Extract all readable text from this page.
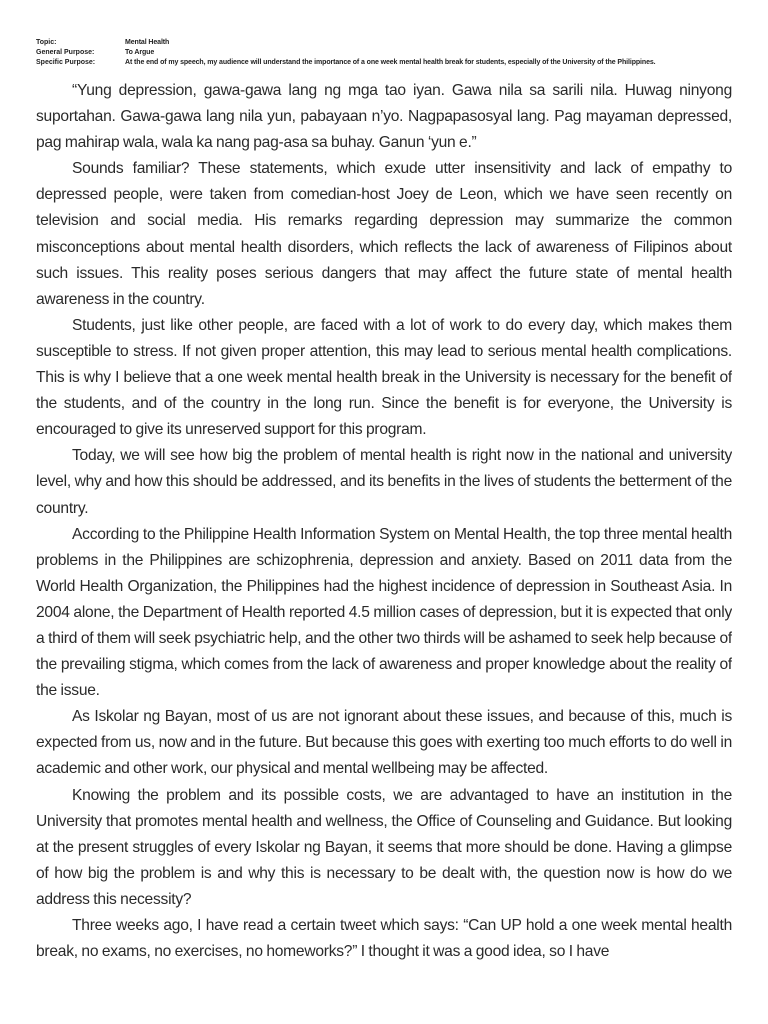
Topic:	Mental Health
General Purpose:	To Argue
Specific Purpose:	At the end of my speech, my audience will understand the importance of a one week mental health break for students, especially of the University of the Philippines.

“Yung depression, gawa-gawa lang ng mga tao iyan. Gawa nila sa sarili nila. Huwag ninyong suportahan. Gawa-gawa lang nila yun, pabayaan n’yo. Nagpapasosyal lang. Pag mayaman depressed, pag mahirap wala, wala ka nang pag-asa sa buhay. Ganun ‘yun e.”

Sounds familiar? These statements, which exude utter insensitivity and lack of empathy to depressed people, were taken from comedian-host Joey de Leon, which we have seen recently on television and social media. His remarks regarding depression may summarize the common misconceptions about mental health disorders, which reflects the lack of awareness of Filipinos about such issues. This reality poses serious dangers that may affect the future state of mental health awareness in the country.

Students, just like other people, are faced with a lot of work to do every day, which makes them susceptible to stress. If not given proper attention, this may lead to serious mental health complications. This is why I believe that a one week mental health break in the University is necessary for the benefit of the students, and of the country in the long run. Since the benefit is for everyone, the University is encouraged to give its unreserved support for this program.

Today, we will see how big the problem of mental health is right now in the national and university level, why and how this should be addressed, and its benefits in the lives of students the betterment of the country.

According to the Philippine Health Information System on Mental Health, the top three mental health problems in the Philippines are schizophrenia, depression and anxiety. Based on 2011 data from the World Health Organization, the Philippines had the highest incidence of depression in Southeast Asia. In 2004 alone, the Department of Health reported 4.5 million cases of depression, but it is expected that only a third of them will seek psychiatric help, and the other two thirds will be ashamed to seek help because of the prevailing stigma, which comes from the lack of awareness and proper knowledge about the reality of the issue.

As Iskolar ng Bayan, most of us are not ignorant about these issues, and because of this, much is expected from us, now and in the future. But because this goes with exerting too much efforts to do well in academic and other work, our physical and mental wellbeing may be affected.

Knowing the problem and its possible costs, we are advantaged to have an institution in the University that promotes mental health and wellness, the Office of Counseling and Guidance. But looking at the present struggles of every Iskolar ng Bayan, it seems that more should be done. Having a glimpse of how big the problem is and why this is necessary to be dealt with, the question now is how do we address this necessity?

Three weeks ago, I have read a certain tweet which says: “Can UP hold a one week mental health break, no exams, no exercises, no homeworks?” I thought it was a good idea, so I have
